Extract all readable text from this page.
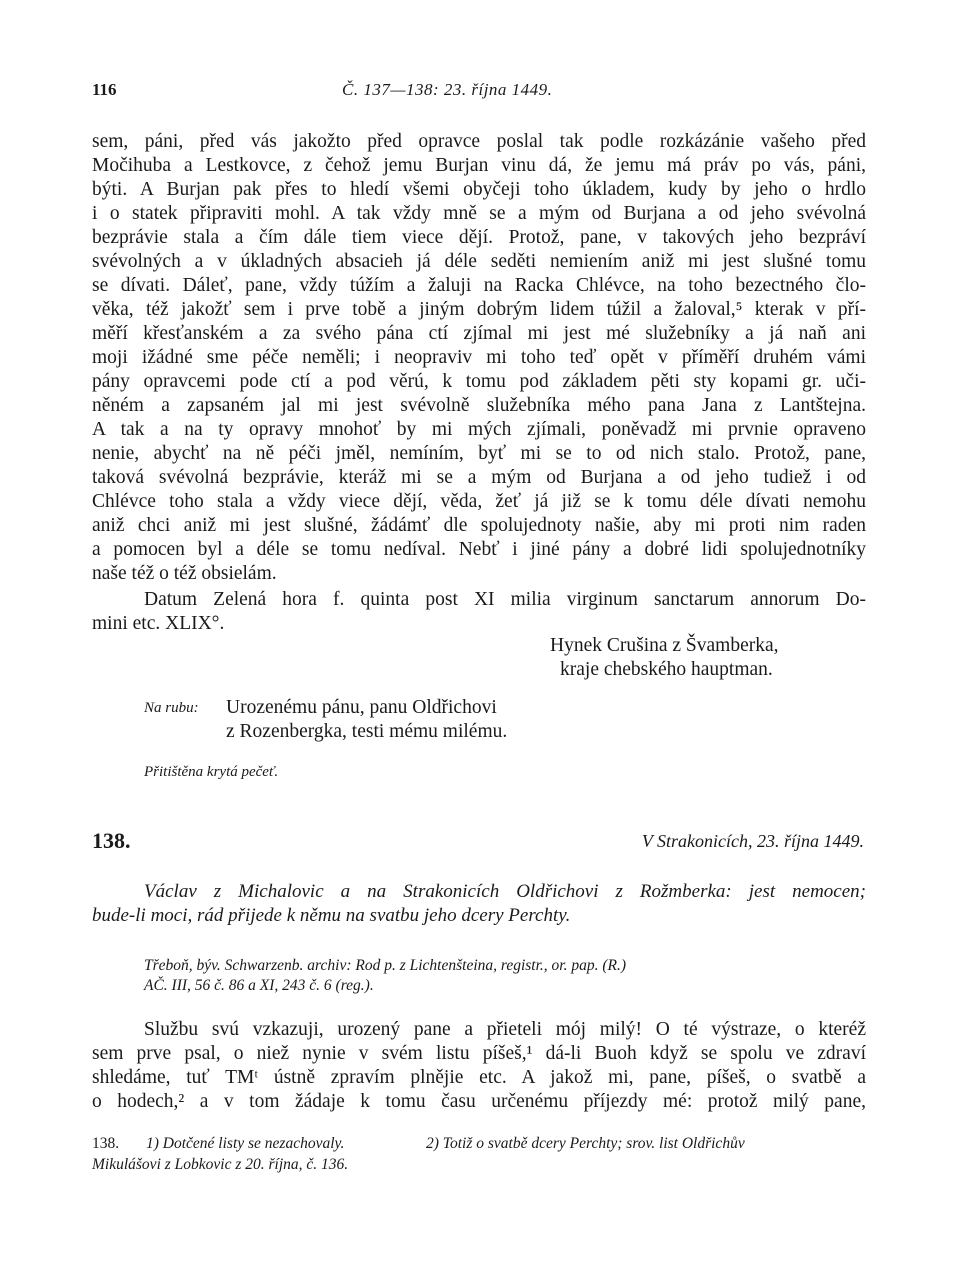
116	Č. 137—138: 23. října 1449.
sem, páni, před vás jakožto před opravce poslal tak podle rozkázánie vašeho před
Močihuba a Lestkovce, z čehož jemu Burjan vinu dá, že jemu má práv po vás, páni,
býti. A Burjan pak přes to hledí všemi obyčeji toho úkladem, kudy by jeho o hrdlo
i o statek připraviti mohl. A tak vždy mně se a mým od Burjana a od jeho svévolná
bezprávie stala a čím dále tiem viece dějí. Protož, pane, v takových jeho bezpráví
svévolných a v úkladných absacieh já déle seděti nemiením aniž mi jest slušné tomu
se dívati. Dáleť, pane, vždy túžím a žaluji na Racka Chlévce, na toho bezectného člo-
věka, též jakožť sem i prve tobě a jiným dobrým lidem túžil a žaloval,⁵ kterak v pří-
měří křesťanském a za svého pána ctí zjímal mi jest mé služebníky a já naň ani
moji ižádné sme péče neměli; i neopraviv mi toho teď opět v příměří druhém vámi
pány opravcemi pode ctí a pod věrú, k tomu pod základem pěti sty kopami gr. uči-
něném a zapsaném jal mi jest svévolně služebníka mého pana Jana z Lantštejna.
A tak a na ty opravy mnohoť by mi mých zjímali, poněvadž mi prvnie opraveno
nenie, abychť na ně péči jměl, nemíním, byť mi se to od nich stalo. Protož, pane,
taková svévolná bezprávie, kteráž mi se a mým od Burjana a od jeho tudiež i od
Chlévce toho stala a vždy viece dějí, věda, žeť já již se k tomu déle dívati nemohu
aniž chci aniž mi jest slušné, žádámť dle spolujednoty našie, aby mi proti nim raden
a pomocen byl a déle se tomu nedíval. Nebť i jiné pány a dobré lidi spolujednotníky
naše též o též obsielám.
Datum Zelená hora f. quinta post XI milia virginum sanctarum annorum Do-
mini etc. XLIX°.
Hynek Crušina z Švamberka,
kraje chebského hauptman.
Na rubu: Urozenému pánu, panu Oldřichovi
z Rozenbergka, testi mému milému.
Přitištěna krytá pečeť.
138.	V Strakonicích, 23. října 1449.
Václav z Michalovic a na Strakonicích Oldřichovi z Rožmberka: jest nemocen;
bude-li moci, rád přijede k němu na svatbu jeho dcery Perchty.
Třeboň, býv. Schwarzenb. archiv: Rod p. z Lichtenšteina, registr., or. pap. (R.)
AČ. III, 56 č. 86 a XI, 243 č. 6 (reg.).
Službu svú vzkazuji, urozený pane a přieteli mój milý! O té výstraze, o kteréž
sem prve psal, o niež nynie v svém listu píšeš,¹ dá-li Buoh když se spolu ve zdraví
shledáme, tuť TMᵗ ústně zpravím plnějie etc. A jakož mi, pane, píšeš, o svatbě a
o hodech,² a v tom žádaje k tomu času určenému příjezdy mé: protož milý pane,
138. 1) Dotčené listy se nezachovaly.	2) Totiž o svatbě dcery Perchty; srov. list Oldřichův
Mikulášovi z Lobkovic z 20. října, č. 136.
